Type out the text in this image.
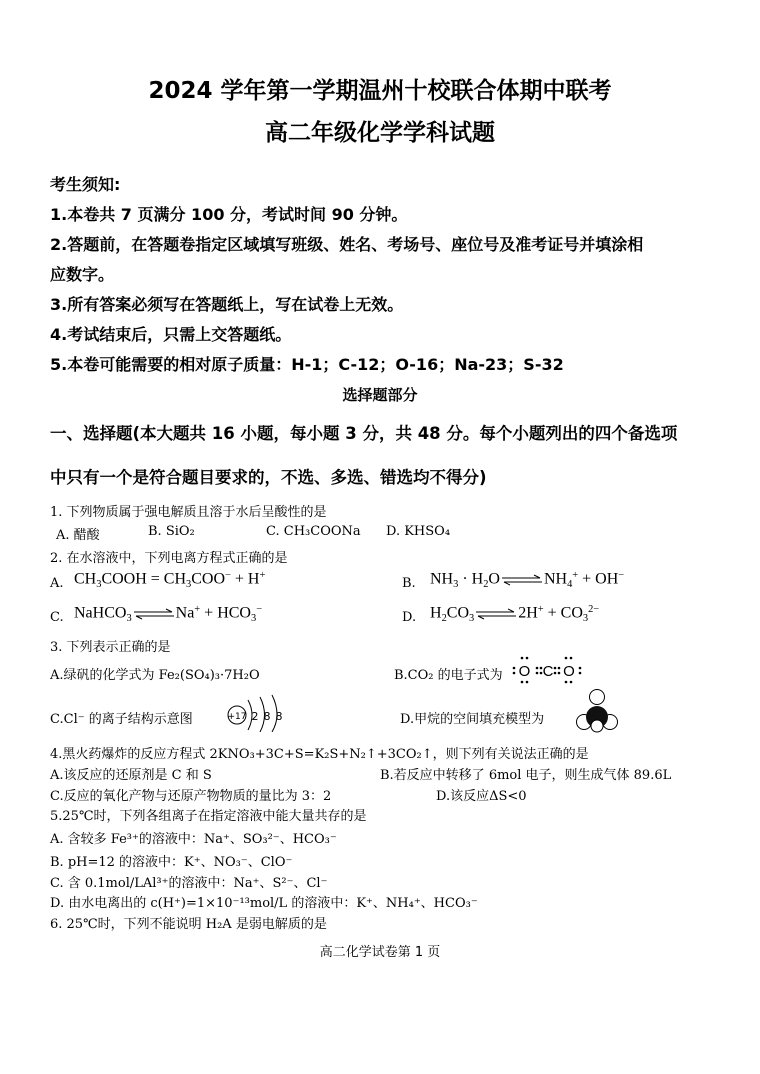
2024 学年第一学期温州十校联合体期中联考
高二年级化学学科试题
考生须知:
1.本卷共 7 页满分 100 分，考试时间 90 分钟。
2.答题前，在答题卷指定区域填写班级、姓名、考场号、座位号及准考证号并填涂相
应数字。
3.所有答案必须写在答题纸上，写在试卷上无效。
4.考试结束后，只需上交答题纸。
5.本卷可能需要的相对原子质量：H-1；C-12；O-16；Na-23；S-32
选择题部分
一、选择题(本大题共 16 小题，每小题 3 分，共 48 分。每个小题列出的四个备选项
中只有一个是符合题目要求的，不选、多选、错选均不得分)
1. 下列物质属于强电解质且溶于水后呈酸性的是
A. 醋酸	B. SiO₂	C. CH₃COONa D. KHSO₄
2. 在水溶液中，下列电离方程式正确的是
A. $CH_3COOH = CH_3COO^- + H^+$
B. $NH_3 \cdot H_2O$ ⇌ $NH_4^+ + OH^-$
C. NaHCO$_3$ ⇌ $Na^+ + HCO_3^-$
D. $H_2CO_3$ ⇌ $2H^+ + CO_3^{2-}$
3. 下列表示正确的是
A.绿矾的化学式为 Fe₂(SO₄)₃·7H₂O	B.CO₂ 的电子式为 O C O
C.Cl⁻ 的离子结构示意图	+17 2 8 8	D.甲烷的空间填充模型为
4.黑火药爆炸的反应方程式 2KNO₃+3C+S=K₂S+N₂↑+3CO₂↑，则下列有关说法正确的是
A.该反应的还原剂是 C 和 S	B.若反应中转移了 6mol 电子，则生成气体 89.6L
C.反应的氧化产物与还原产物物质的量比为 3：2	D.该反应ΔS<0
5.25℃时，下列各组离子在指定溶液中能大量共存的是
A. 含较多 Fe³⁺的溶液中：Na⁺、SO₃²⁻、HCO₃⁻
B. pH=12 的溶液中：K⁺、NO₃⁻、ClO⁻
C. 含 0.1mol/LAl³⁺的溶液中：Na⁺、S²⁻、Cl⁻
D. 由水电离出的 c(H⁺)=1×10⁻¹³mol/L 的溶液中：K⁺、NH₄⁺、HCO₃⁻
6. 25℃时，下列不能说明 H₂A 是弱电解质的是
高二化学试卷第 1 页
